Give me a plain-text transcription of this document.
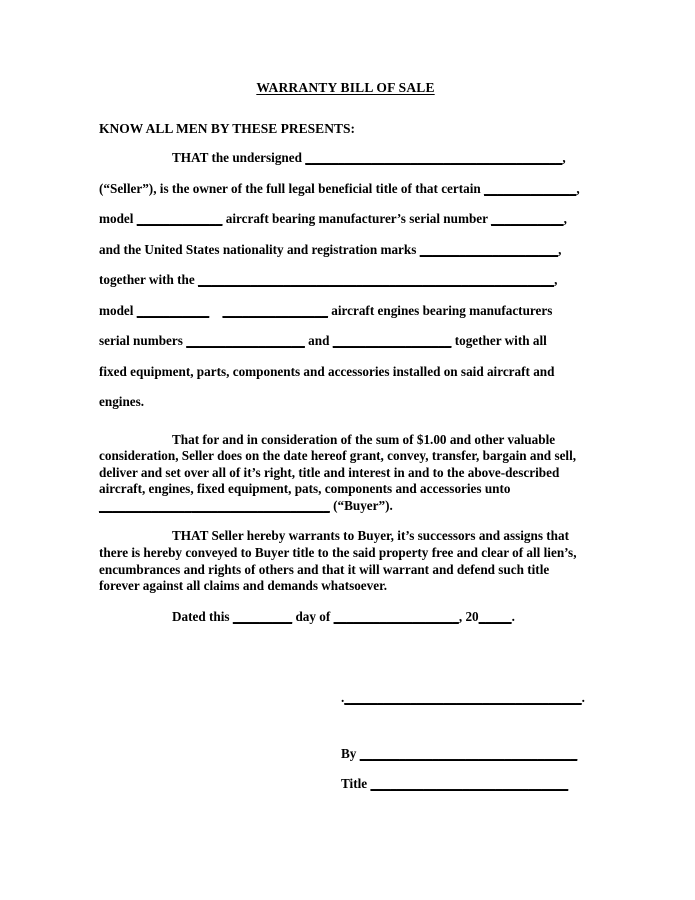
WARRANTY BILL OF SALE
KNOW ALL MEN BY THESE PRESENTS:
THAT the undersigned _______________________________________,
(“Seller”), is the owner of the full legal beneficial title of that certain ______________,
model _____________ aircraft bearing manufacturer’s serial number ___________,
and the United States nationality and registration marks _____________________,
together with the ______________________________________________________,
model ___________ ________________ aircraft engines bearing manufacturers
serial numbers __________________ and __________________ together with all
fixed equipment, parts, components and accessories installed on said aircraft and
engines.
That for and in consideration of the sum of $1.00 and other valuable consideration, Seller does on the date hereof grant, convey, transfer, bargain and sell, deliver and set over all of it’s right, title and interest in and to the above-described aircraft, engines, fixed equipment, pats, components and accessories unto ___________________________________ (“Buyer”).
THAT Seller hereby warrants to Buyer, it’s successors and assigns that there is hereby conveyed to Buyer title to the said property free and clear of all lien’s, encumbrances and rights of others and that it will warrant and defend such title forever against all claims and demands whatsoever.
Dated this _________ day of ___________________, 20_____.
.____________________________________.
By _________________________________
Title ______________________________
